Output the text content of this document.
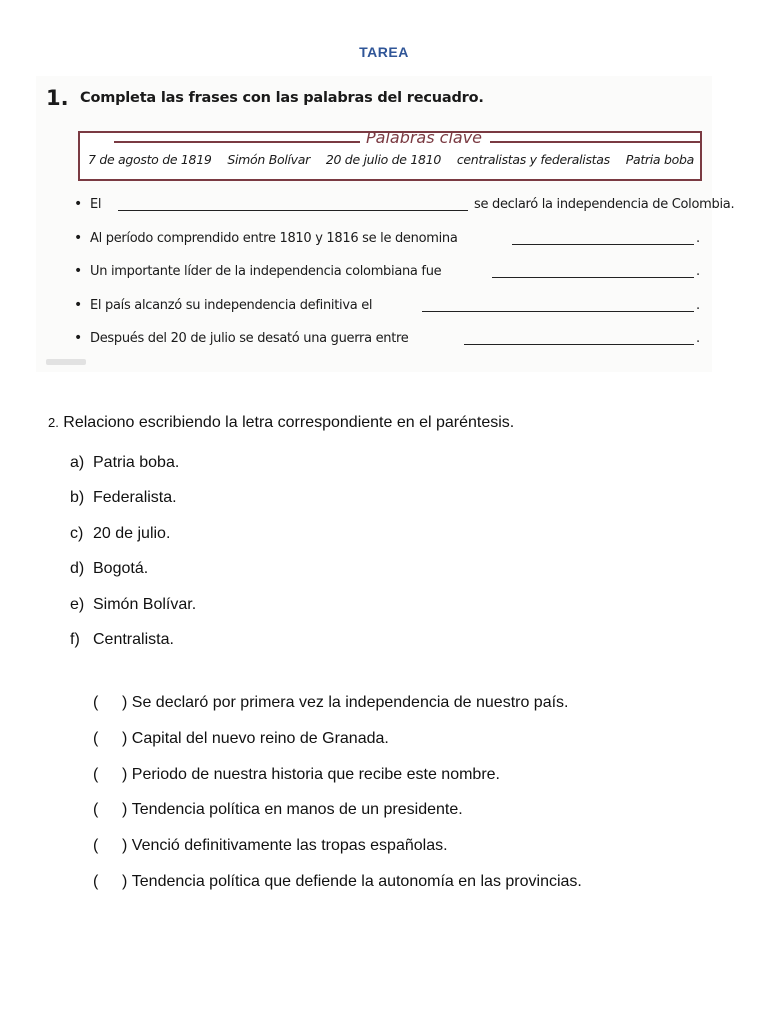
TAREA
1. Completa las frases con las palabras del recuadro.
Palabras clave
7 de agosto de 1819 Simón Bolívar 20 de julio de 1810 centralistas y federalistas Patria boba
• El	se declaró la independencia de Colombia.
• Al período comprendido entre 1810 y 1816 se le denomina	.
• Un importante líder de la independencia colombiana fue	.
• El país alcanzó su independencia definitiva el	.
• Después del 20 de julio se desató una guerra entre	.
2. Relaciono escribiendo la letra correspondiente en el paréntesis.
a) Patria boba.
b) Federalista.
c) 20 de julio.
d) Bogotá.
e) Simón Bolívar.
f) Centralista.
(	)
Se declaró por primera vez la independencia de nuestro país.
(	)
Capital del nuevo reino de Granada.
(	)
Periodo de nuestra historia que recibe este nombre.
(	)
Tendencia política en manos de un presidente.
(	)
Venció definitivamente las tropas españolas.
(	)
Tendencia política que defiende la autonomía en las provincias.
